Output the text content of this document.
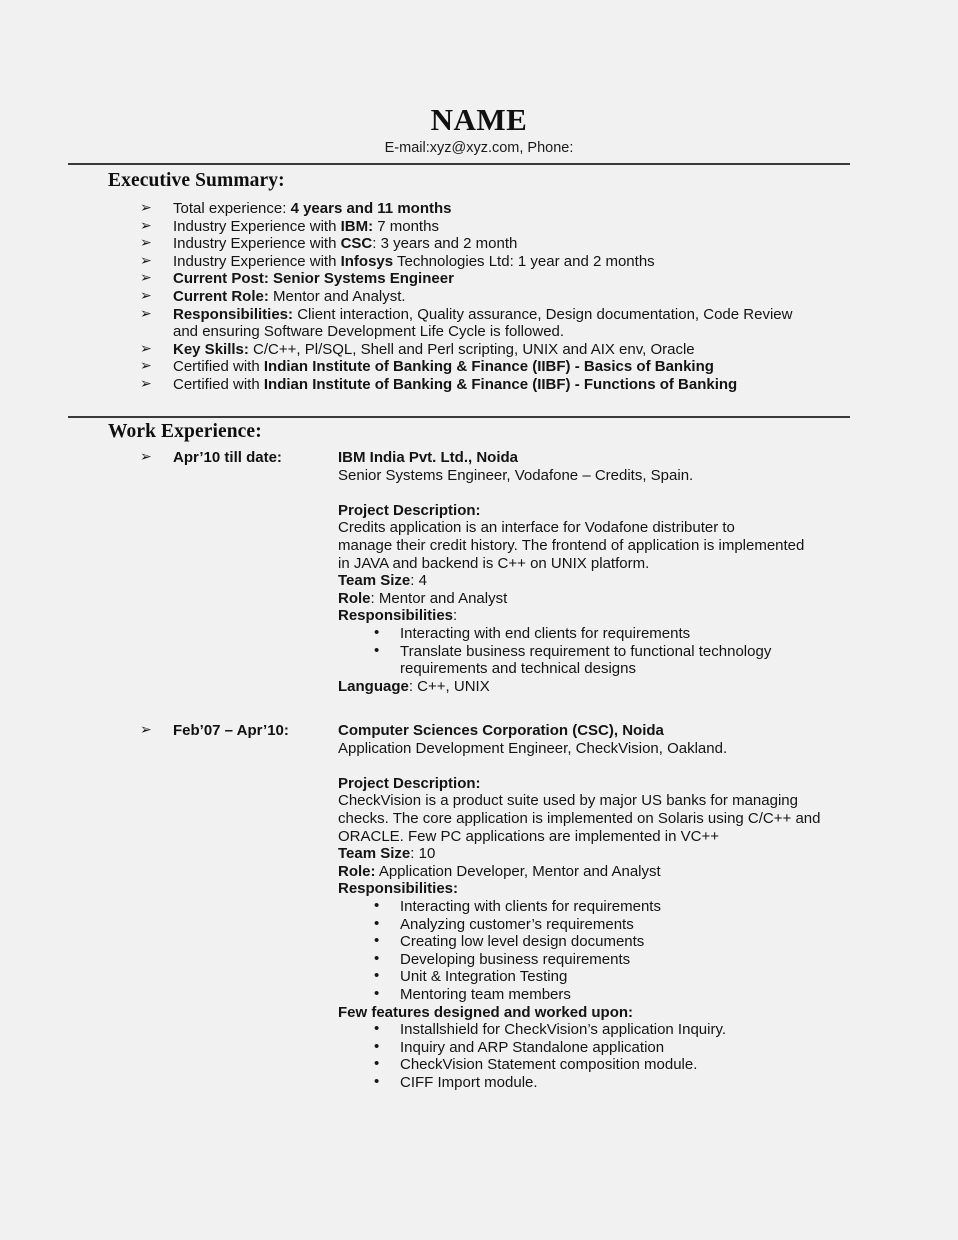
NAME

E-mail:xyz@xyz.com, Phone:

Executive Summary:
➢ Total experience: 4 years and 11 months
➢ Industry Experience with IBM: 7 months
➢ Industry Experience with CSC: 3 years and 2 month
➢ Industry Experience with Infosys Technologies Ltd: 1 year and 2 months
➢ Current Post: Senior Systems Engineer
➢ Current Role: Mentor and Analyst.
➢ Responsibilities: Client interaction, Quality assurance, Design documentation, Code Review
and ensuring Software Development Life Cycle is followed.
➢ Key Skills: C/C++, Pl/SQL, Shell and Perl scripting, UNIX and AIX env, Oracle
➢ Certified with Indian Institute of Banking & Finance (IIBF) - Basics of Banking
➢ Certified with Indian Institute of Banking & Finance (IIBF) - Functions of Banking
Work Experience:
➢ Apr’10 till date:	IBM India Pvt. Ltd., Noida
Senior Systems Engineer, Vodafone – Credits, Spain.
Project Description:
Credits application is an interface for Vodafone distributer to
manage their credit history. The frontend of application is implemented
in JAVA and backend is C++ on UNIX platform.
Team Size: 4
Role: Mentor and Analyst
Responsibilities:
• Interacting with end clients for requirements
• Translate business requirement to functional technology
requirements and technical designs
Language: C++, UNIX
➢ Feb’07 – Apr’10:	Computer Sciences Corporation (CSC), Noida
Application Development Engineer, CheckVision, Oakland.
Project Description:
CheckVision is a product suite used by major US banks for managing
checks. The core application is implemented on Solaris using C/C++ and
ORACLE. Few PC applications are implemented in VC++
Team Size: 10
Role: Application Developer, Mentor and Analyst
Responsibilities:
• Interacting with clients for requirements
• Analyzing customer’s requirements
• Creating low level design documents
• Developing business requirements
• Unit & Integration Testing
• Mentoring team members
Few features designed and worked upon:
• Installshield for CheckVision’s application Inquiry.
• Inquiry and ARP Standalone application
• CheckVision Statement composition module.
• CIFF Import module.
